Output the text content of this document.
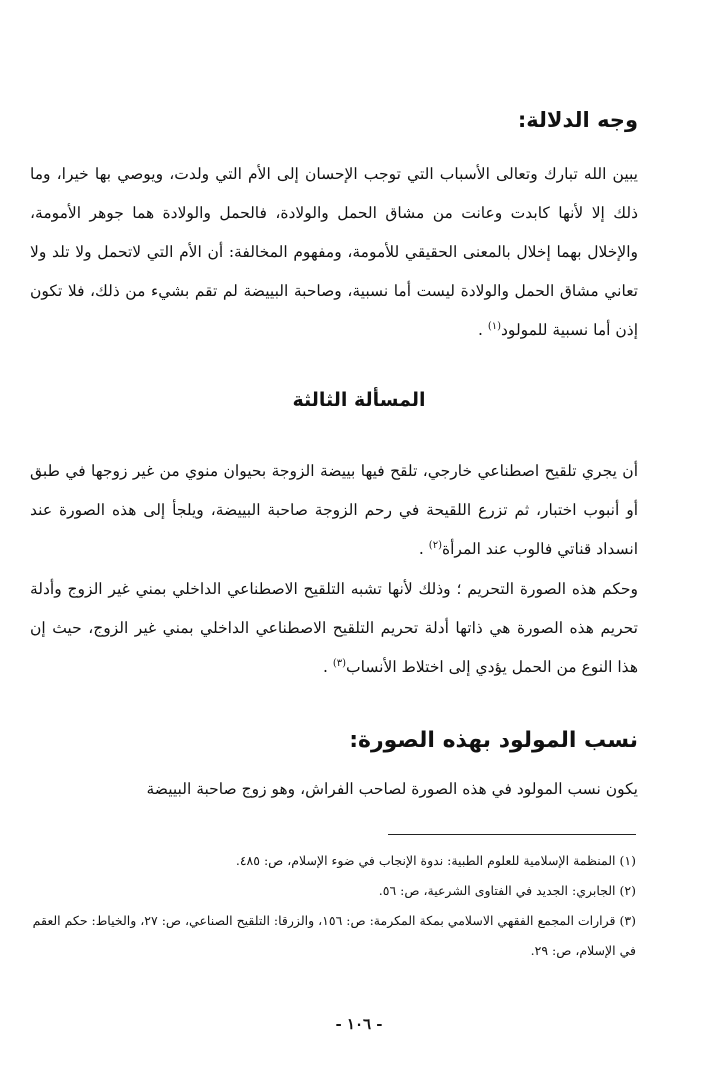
وجه الدلالة:

يبين الله تبارك وتعالى الأسباب التي توجب الإحسان إلى الأم التي ولدت، ويوصي بها خيرا، وما ذلك إلا لأنها كابدت وعانت من مشاق الحمل والولادة، فالحمل والولادة هما جوهر الأمومة، والإخلال بهما إخلال بالمعنى الحقيقي للأمومة، ومفهوم المخالفة: أن الأم التي لاتحمل ولا تلد ولا تعاني مشاق الحمل والولادة ليست أما نسبية، وصاحبة البييضة لم تقم بشيء من ذلك، فلا تكون إذن أما نسبية للمولود$^{(١)}$ .

المسألة الثالثة

أن يجري تلقيح اصطناعي خارجي، تلقح فيها بييضة الزوجة بحيوان منوي من غير زوجها في طبق أو أنبوب اختبار، ثم تزرع اللقيحة في رحم الزوجة صاحبة البييضة، ويلجأ إلى هذه الصورة عند انسداد قناتي فالوب عند المرأة$^{(٢)}$ .

وحكم هذه الصورة التحريم ؛ وذلك لأنها تشبه التلقيح الاصطناعي الداخلي بمني غير الزوج وأدلة تحريم هذه الصورة هي ذاتها أدلة تحريم التلقيح الاصطناعي الداخلي بمني غير الزوج، حيث إن هذا النوع من الحمل يؤدي إلى اختلاط الأنساب$^{(٣)}$ .

نسب المولود بهذه الصورة:

يكون نسب المولود في هذه الصورة لصاحب الفراش، وهو زوج صاحبة البييضة

(١) المنظمة الإسلامية للعلوم الطبية: ندوة الإنجاب في ضوء الإسلام، ص: ٤٨٥.
(٢) الجابري: الجديد في الفتاوى الشرعية، ص: ٥٦.
(٣) قرارات المجمع الفقهي الاسلامي بمكة المكرمة: ص: ١٥٦، والزرقا: التلقيح الصناعي، ص: ٢٧، والخياط: حكم العقم في الإسلام، ص: ٢٩.

- ١٠٦ -
